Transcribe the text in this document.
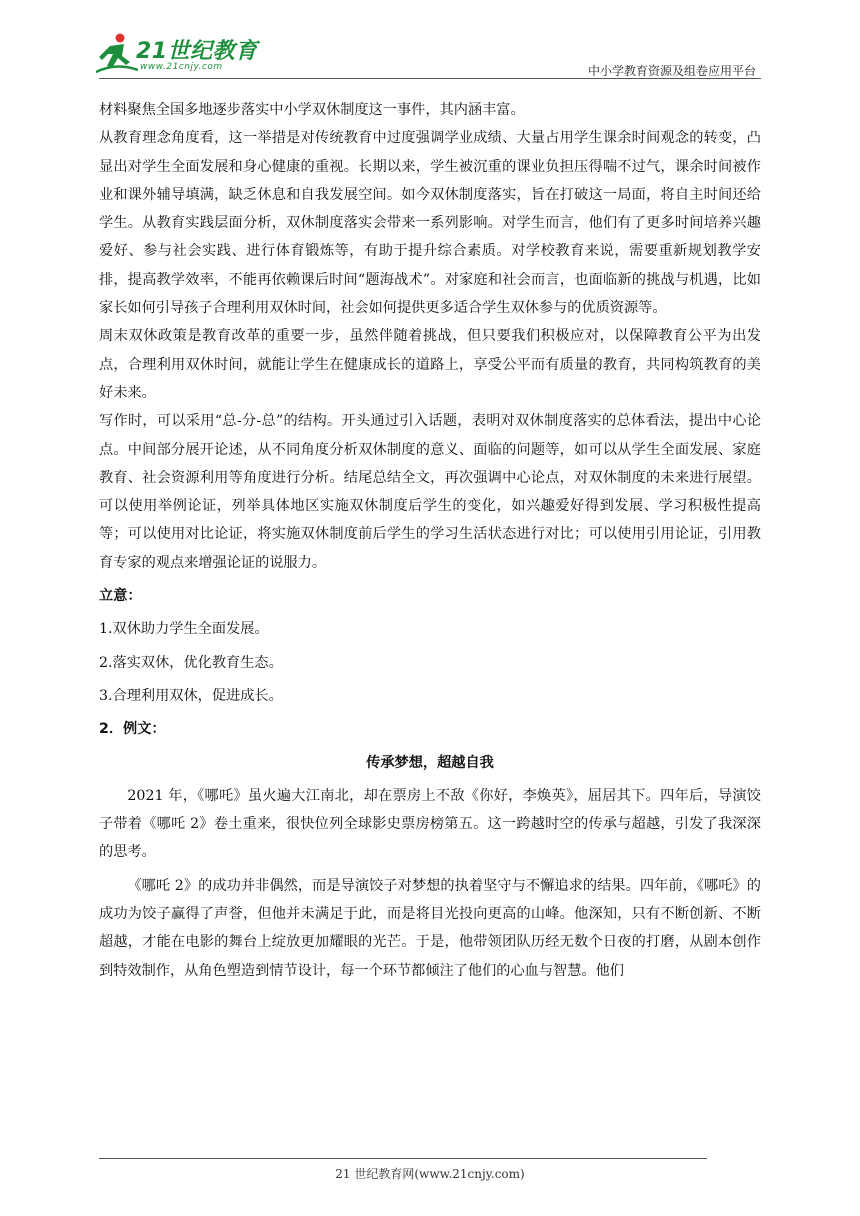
21世纪教育
www.21cnjy.com	中小学教育资源及组卷应用平台

材料聚焦全国多地逐步落实中小学双休制度这一事件，其内涵丰富。

从教育理念角度看，这一举措是对传统教育中过度强调学业成绩、大量占用学生课余时间观念的转变，凸显出对学生全面发展和身心健康的重视。长期以来，学生被沉重的课业负担压得喘不过气，课余时间被作业和课外辅导填满，缺乏休息和自我发展空间。如今双休制度落实，旨在打破这一局面，将自主时间还给学生。从教育实践层面分析，双休制度落实会带来一系列影响。对学生而言，他们有了更多时间培养兴趣爱好、参与社会实践、进行体育锻炼等，有助于提升综合素质。对学校教育来说，需要重新规划教学安排，提高教学效率，不能再依赖课后时间“题海战术”。对家庭和社会而言，也面临新的挑战与机遇，比如家长如何引导孩子合理利用双休时间，社会如何提供更多适合学生双休参与的优质资源等。

周末双休政策是教育改革的重要一步，虽然伴随着挑战，但只要我们积极应对，以保障教育公平为出发点，合理利用双休时间，就能让学生在健康成长的道路上，享受公平而有质量的教育，共同构筑教育的美好未来。

写作时，可以采用“总-分-总”的结构。开头通过引入话题，表明对双休制度落实的总体看法，提出中心论点。中间部分展开论述，从不同角度分析双休制度的意义、面临的问题等，如可以从学生全面发展、家庭教育、社会资源利用等角度进行分析。结尾总结全文，再次强调中心论点，对双休制度的未来进行展望。可以使用举例论证，列举具体地区实施双休制度后学生的变化，如兴趣爱好得到发展、学习积极性提高等；可以使用对比论证，将实施双休制度前后学生的学习生活状态进行对比；可以使用引用论证，引用教育专家的观点来增强论证的说服力。

立意：

1.双休助力学生全面发展。

2.落实双休，优化教育生态。

3.合理利用双休，促进成长。

2．例文：

传承梦想，超越自我

2021 年，《哪吒》虽火遍大江南北，却在票房上不敌《你好，李焕英》，屈居其下。四年后，导演饺子带着《哪吒 2》卷土重来，很快位列全球影史票房榜第五。这一跨越时空的传承与超越，引发了我深深的思考。

《哪吒 2》的成功并非偶然，而是导演饺子对梦想的执着坚守与不懈追求的结果。四年前，《哪吒》的成功为饺子赢得了声誉，但他并未满足于此，而是将目光投向更高的山峰。他深知，只有不断创新、不断超越，才能在电影的舞台上绽放更加耀眼的光芒。于是，他带领团队历经无数个日夜的打磨，从剧本创作到特效制作，从角色塑造到情节设计，每一个环节都倾注了他们的心血与智慧。他们

21 世纪教育网(www.21cnjy.com)
